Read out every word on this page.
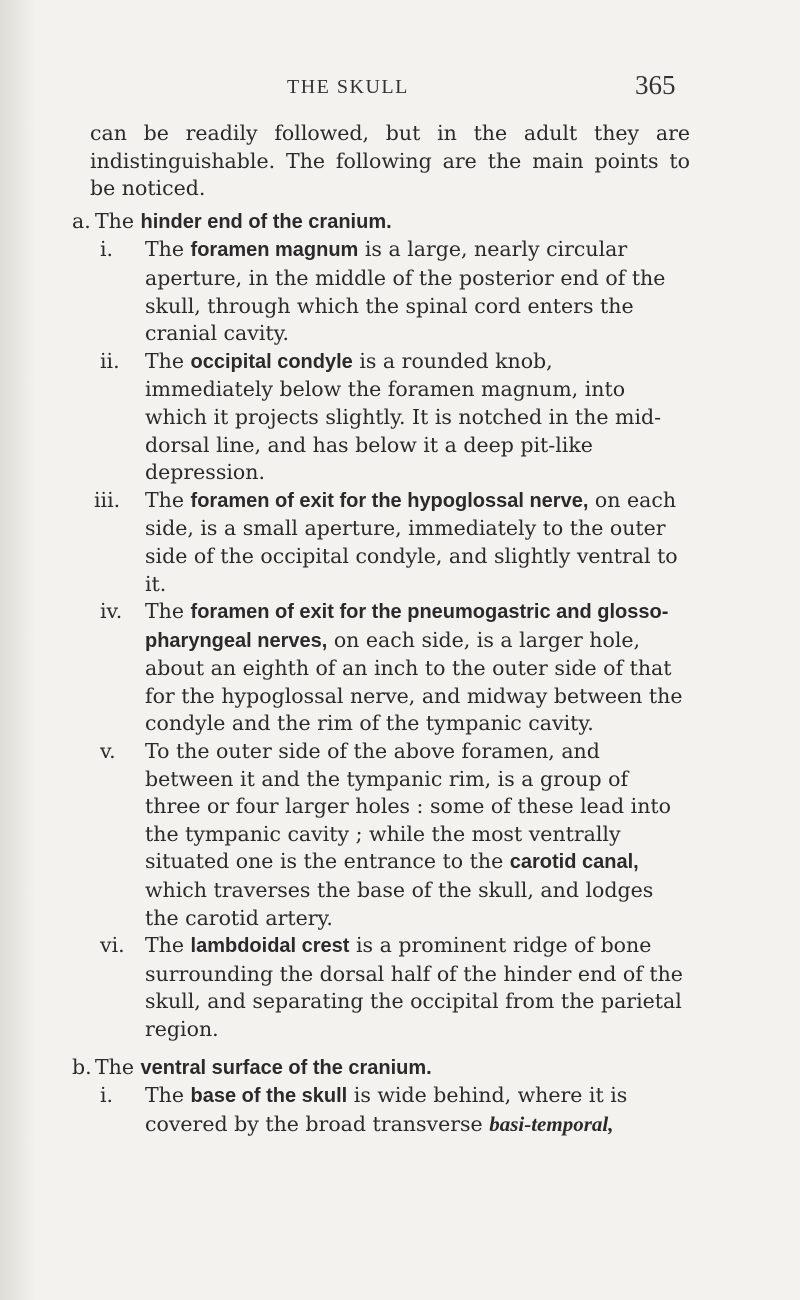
THE SKULL	365

can be readily followed, but in the adult they are indistinguishable. The following are the main points to be noticed.

a. The hinder end of the cranium.
i.	The foramen magnum is a large, nearly circular aperture, in the middle of the posterior end of the skull, through which the spinal cord enters the cranial cavity.
ii.	The occipital condyle is a rounded knob, immediately below the foramen magnum, into which it projects slightly. It is notched in the mid-dorsal line, and has below it a deep pit-like depression.
iii.	The foramen of exit for the hypoglossal nerve, on each side, is a small aperture, immediately to the outer side of the occipital condyle, and slightly ventral to it.
iv.	The foramen of exit for the pneumogastric and glosso-pharyngeal nerves, on each side, is a larger hole, about an eighth of an inch to the outer side of that for the hypoglossal nerve, and midway between the condyle and the rim of the tympanic cavity.
v.	To the outer side of the above foramen, and between it and the tympanic rim, is a group of three or four larger holes : some of these lead into the tympanic cavity ; while the most ventrally situated one is the entrance to the carotid canal, which traverses the base of the skull, and lodges the carotid artery.
vi. The lambdoidal crest is a prominent ridge of bone surrounding the dorsal half of the hinder end of the skull, and separating the occipital from the parietal region.
b. The ventral surface of the cranium.
i.	The base of the skull is wide behind, where it is covered by the broad transverse basi-temporal,
